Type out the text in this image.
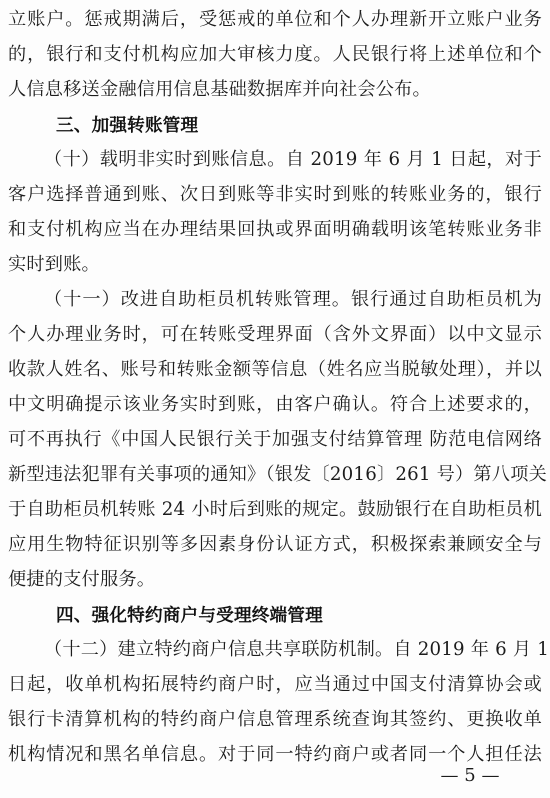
立账户。惩戒期满后，受惩戒的单位和个人办理新开立账户业务
的，银行和支付机构应加大审核力度。人民银行将上述单位和个
人信息移送金融信用信息基础数据库并向社会公布。
三、加强转账管理
（十）载明非实时到账信息。自 2019 年 6 月 1 日起，对于
客户选择普通到账、次日到账等非实时到账的转账业务的，银行
和支付机构应当在办理结果回执或界面明确载明该笔转账业务非
实时到账。
（十一）改进自助柜员机转账管理。银行通过自助柜员机为
个人办理业务时，可在转账受理界面（含外文界面）以中文显示
收款人姓名、账号和转账金额等信息（姓名应当脱敏处理），并以
中文明确提示该业务实时到账，由客户确认。符合上述要求的，
可不再执行《中国人民银行关于加强支付结算管理 防范电信网络
新型违法犯罪有关事项的通知》（银发〔2016〕261 号）第八项关
于自助柜员机转账 24 小时后到账的规定。鼓励银行在自助柜员机
应用生物特征识别等多因素身份认证方式，积极探索兼顾安全与
便捷的支付服务。
四、强化特约商户与受理终端管理
（十二）建立特约商户信息共享联防机制。自 2019 年 6 月 1
日起，收单机构拓展特约商户时，应当通过中国支付清算协会或
银行卡清算机构的特约商户信息管理系统查询其签约、更换收单
机构情况和黑名单信息。对于同一特约商户或者同一个人担任法
— 5 —
